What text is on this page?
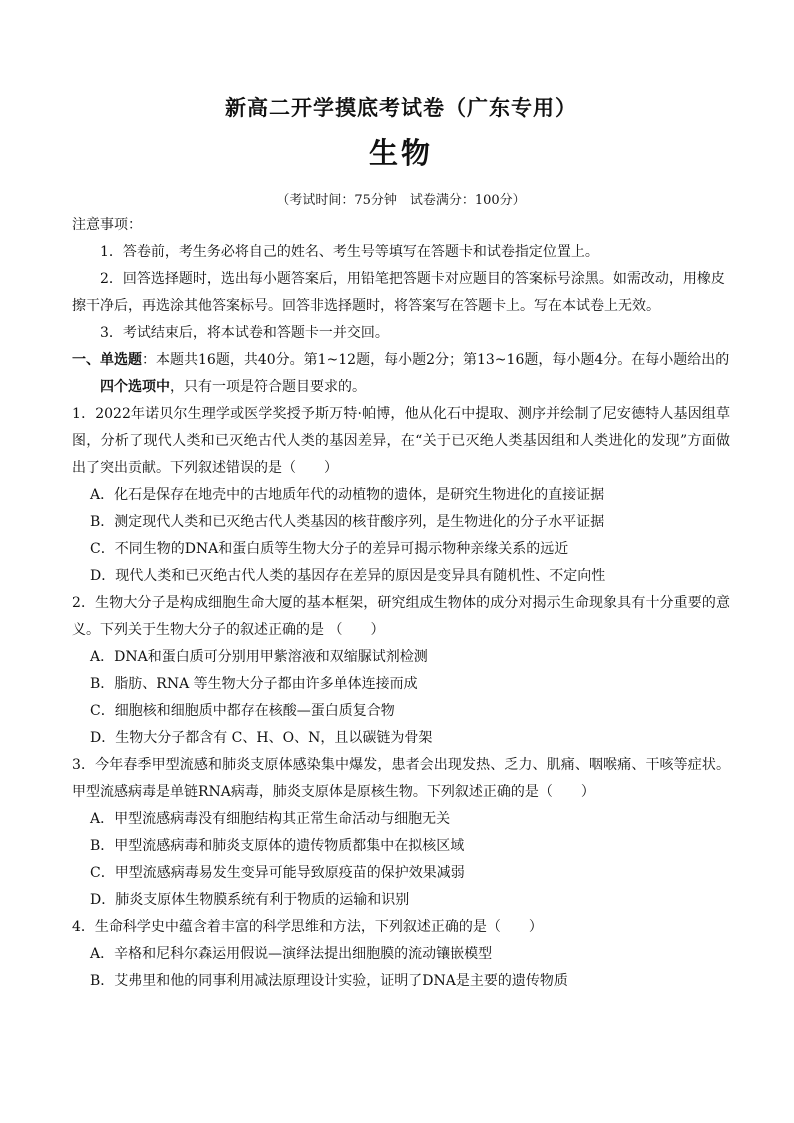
新高二开学摸底考试卷（广东专用）
生物

（考试时间：75分钟　试卷满分：100分）

注意事项：

1．答卷前，考生务必将自己的姓名、考生号等填写在答题卡和试卷指定位置上。

2．回答选择题时，选出每小题答案后，用铅笔把答题卡对应题目的答案标号涂黑。如需改动，用橡皮擦干净后，再选涂其他答案标号。回答非选择题时，将答案写在答题卡上。写在本试卷上无效。

3．考试结束后，将本试卷和答题卡一并交回。

一、单选题：本题共16题，共40分。第1~12题，每小题2分；第13~16题，每小题4分。在每小题给出的四个选项中，只有一项是符合题目要求的。

1．2022年诺贝尔生理学或医学奖授予斯万特·帕博，他从化石中提取、测序并绘制了尼安德特人基因组草图，分析了现代人类和已灭绝古代人类的基因差异，在“关于已灭绝人类基因组和人类进化的发现”方面做出了突出贡献。下列叙述错误的是（　　）

A．化石是保存在地壳中的古地质年代的动植物的遗体，是研究生物进化的直接证据

B．测定现代人类和已灭绝古代人类基因的核苷酸序列，是生物进化的分子水平证据

C．不同生物的DNA和蛋白质等生物大分子的差异可揭示物种亲缘关系的远近

D．现代人类和已灭绝古代人类的基因存在差异的原因是变异具有随机性、不定向性

2．生物大分子是构成细胞生命大厦的基本框架，研究组成生物体的成分对揭示生命现象具有十分重要的意义。下列关于生物大分子的叙述正确的是 （　　）

A．DNA和蛋白质可分别用甲紫溶液和双缩脲试剂检测

B．脂肪、RNA 等生物大分子都由许多单体连接而成

C．细胞核和细胞质中都存在核酸—蛋白质复合物

D．生物大分子都含有 C、H、O、N，且以碳链为骨架

3．今年春季甲型流感和肺炎支原体感染集中爆发，患者会出现发热、乏力、肌痛、咽喉痛、干咳等症状。甲型流感病毒是单链RNA病毒，肺炎支原体是原核生物。下列叙述正确的是（　　）

A．甲型流感病毒没有细胞结构其正常生命活动与细胞无关

B．甲型流感病毒和肺炎支原体的遗传物质都集中在拟核区域

C．甲型流感病毒易发生变异可能导致原疫苗的保护效果减弱

D．肺炎支原体生物膜系统有利于物质的运输和识别

4．生命科学史中蕴含着丰富的科学思维和方法，下列叙述正确的是（　　）

A．辛格和尼科尔森运用假说—演绎法提出细胞膜的流动镶嵌模型

B．艾弗里和他的同事利用减法原理设计实验，证明了DNA是主要的遗传物质
